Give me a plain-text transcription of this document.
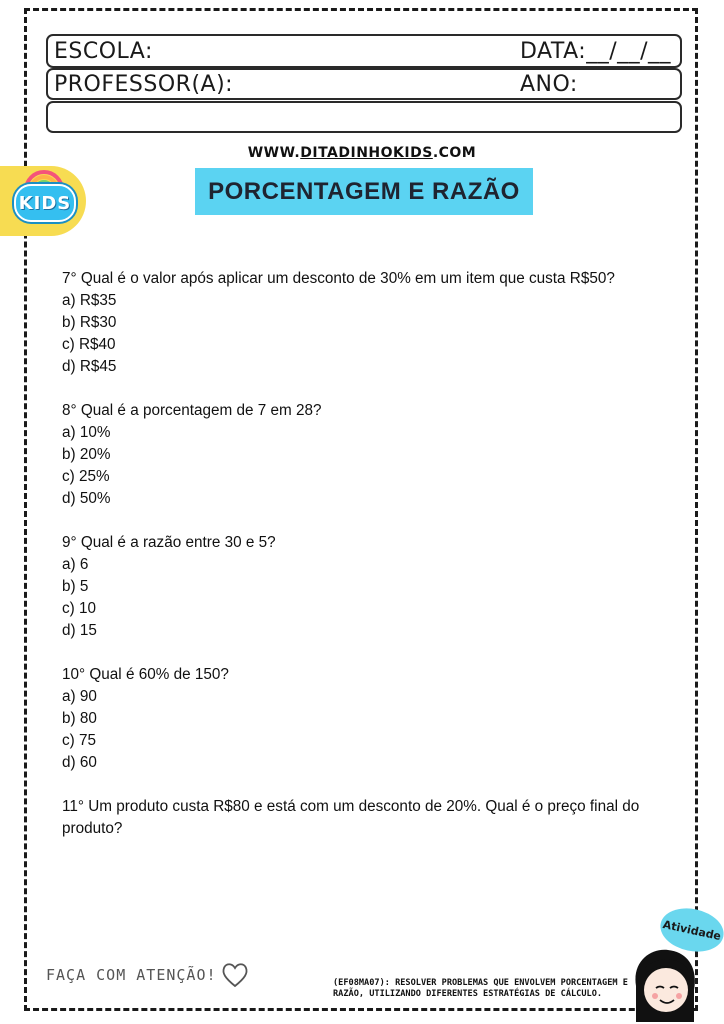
ESCOLA:	DATA:__/__/__
PROFESSOR(A):	ANO:
WWW.DITADINHOKIDS.COM
KIDS	PORCENTAGEM E RAZÃO

7° Qual é o valor após aplicar um desconto de 30% em um item que custa R$50?

a) R$35

b) R$30

c) R$40

d) R$45

8° Qual é a porcentagem de 7 em 28?

a) 10%

b) 20%

c) 25%

d) 50%

9° Qual é a razão entre 30 e 5?

a) 6

b) 5

c) 10

d) 15

10° Qual é 60% de 150?

a) 90

b) 80

c) 75

d) 60

11° Um produto custa R$80 e está com um desconto de 20%. Qual é o preço final do produto?

FAÇA COM ATENÇÃO!	(EF08MA07): RESOLVER PROBLEMAS QUE ENVOLVEM PORCENTAGEM E RAZÃO, UTILIZANDO DIFERENTES ESTRATÉGIAS DE CÁLCULO.
Atividade
